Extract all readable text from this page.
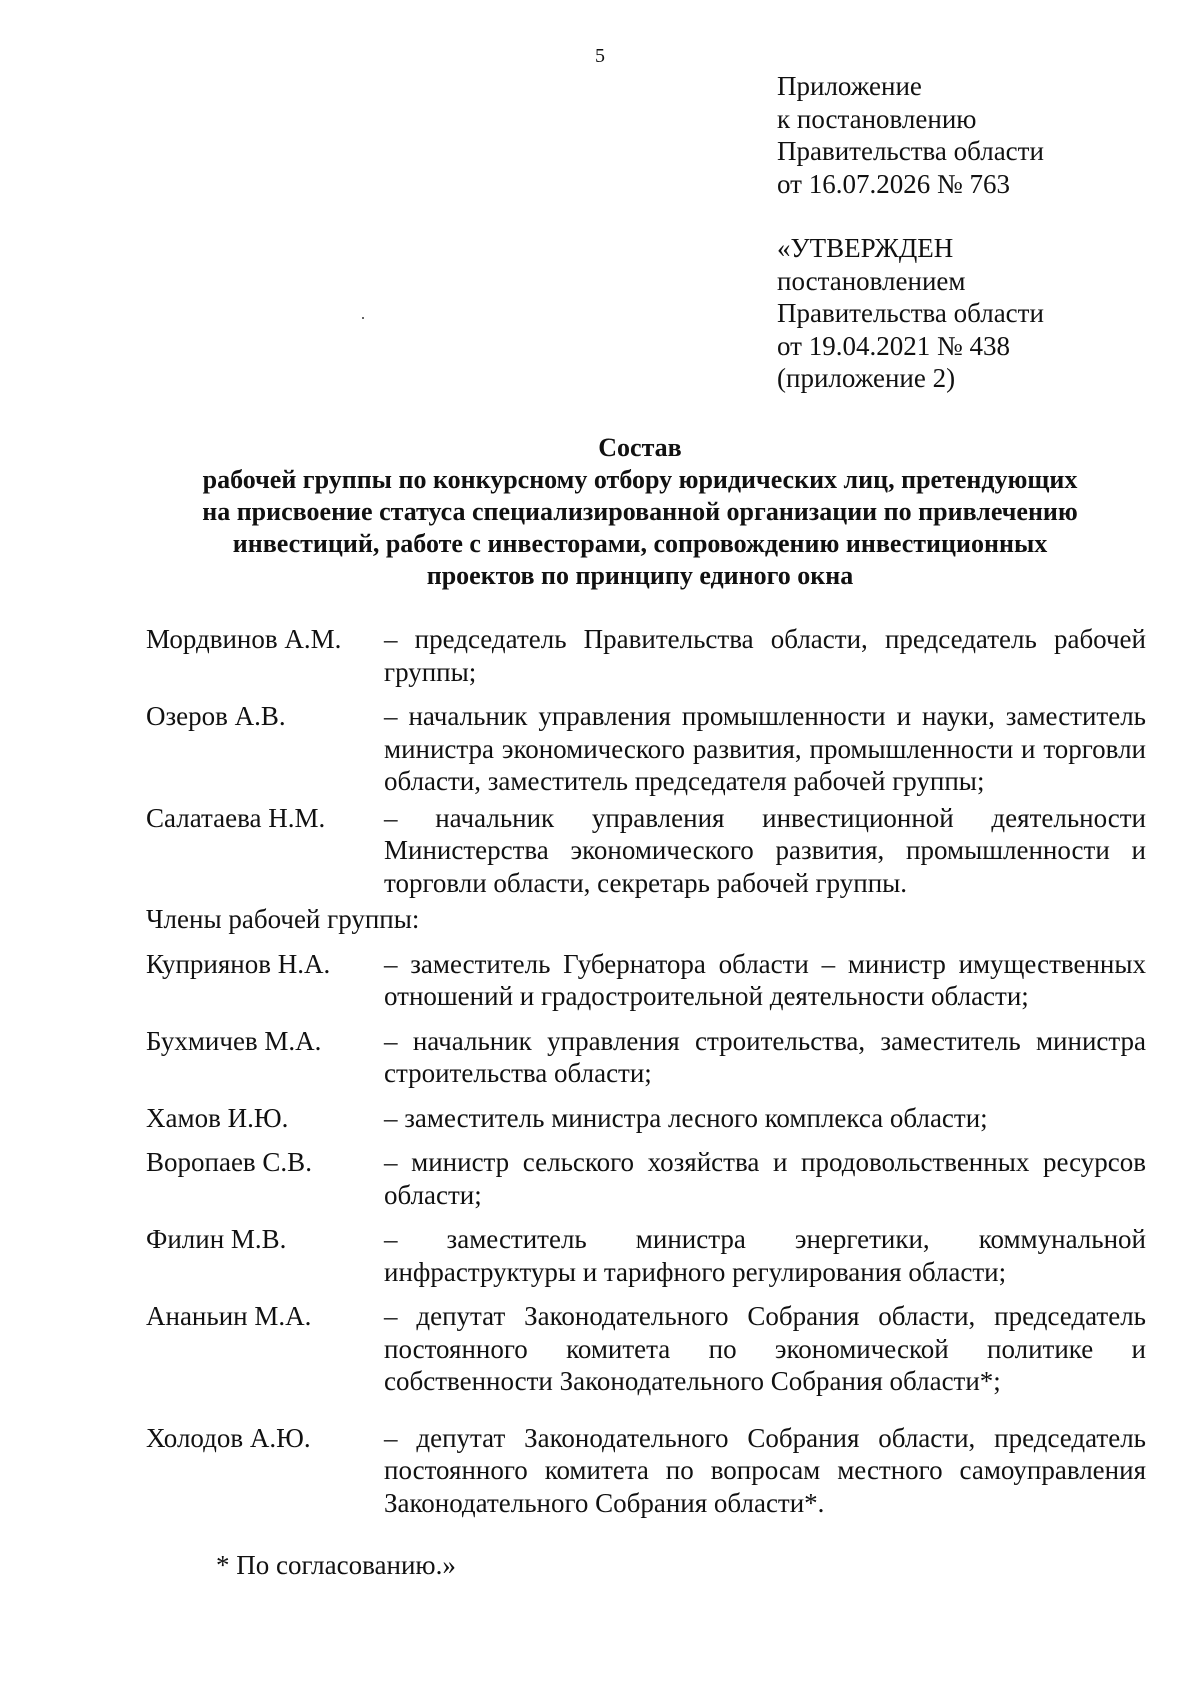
5
Приложение
к постановлению
Правительства области
от 16.07.2026 № 763
«УТВЕРЖДЕН
постановлением
Правительства области
от 19.04.2021 № 438
(приложение 2)
Состав
рабочей группы по конкурсному отбору юридических лиц, претендующих
на присвоение статуса специализированной организации по привлечению
инвестиций, работе с инвесторами, сопровождению инвестиционных
проектов по принципу единого окна
Мордвинов А.М.	– председатель Правительства области, председатель рабочей группы;
Озеров А.В.	– начальник управления промышленности и науки, заместитель министра экономического развития, промышленности и торговли области, заместитель председателя рабочей группы;
Салатаева Н.М.	– начальник управления инвестиционной деятельности Министерства экономического развития, промышленности и торговли области, секретарь рабочей группы.
Члены рабочей группы:
Куприянов Н.А.	– заместитель Губернатора области – министр имущественных отношений и градостроительной деятельности области;
Бухмичев М.А.	– начальник управления строительства, заместитель министра строительства области;
Хамов И.Ю.	– заместитель министра лесного комплекса области;
Воропаев С.В.	– министр сельского хозяйства и продовольственных ресурсов области;
Филин М.В.	– заместитель министра энергетики, коммунальной инфраструктуры и тарифного регулирования области;
Ананьин М.А.	– депутат Законодательного Собрания области, председатель постоянного комитета по экономической политике и собственности Законодательного Собрания области*;
Холодов А.Ю.	– депутат Законодательного Собрания области, председатель постоянного комитета по вопросам местного самоуправления Законодательного Собрания области*.
* По согласованию.»
